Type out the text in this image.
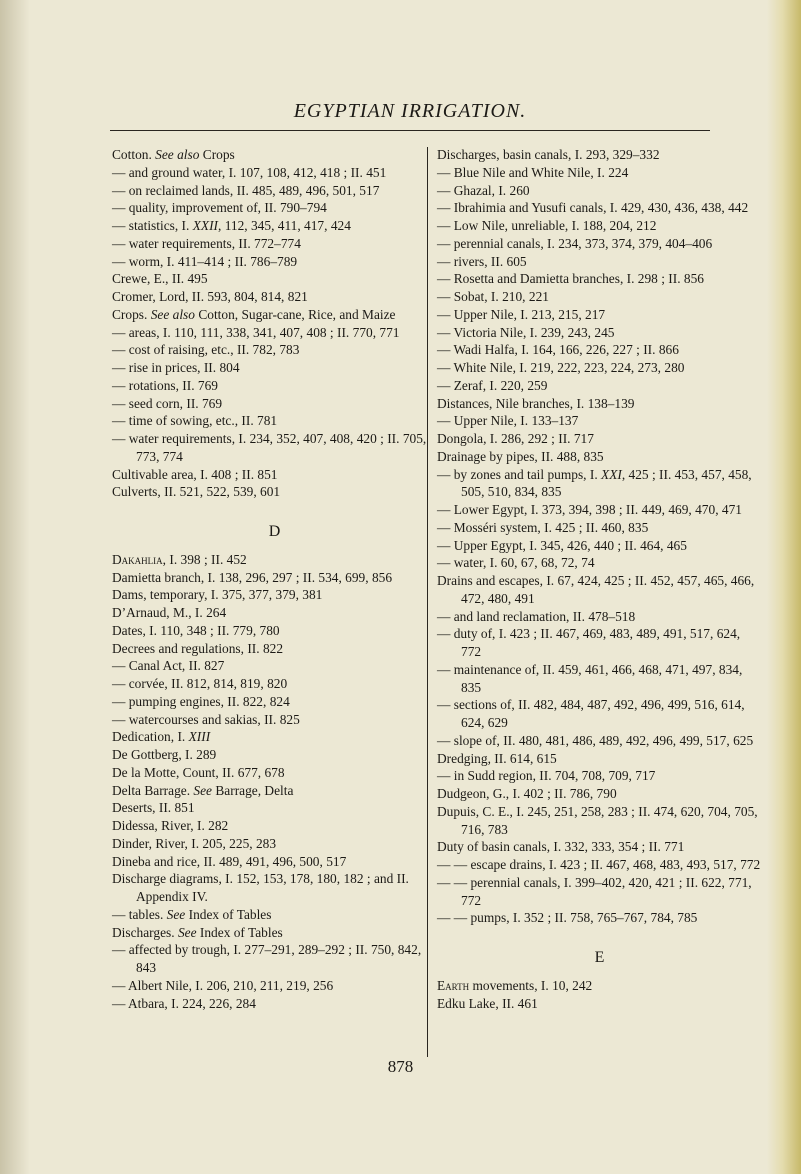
EGYPTIAN IRRIGATION.
Cotton. See also Crops
— and ground water, I. 107, 108, 412, 418 ; II. 451
— on reclaimed lands, II. 485, 489, 496, 501, 517
— quality, improvement of, II. 790–794
— statistics, I. XXII, 112, 345, 411, 417, 424
— water requirements, II. 772–774
— worm, I. 411–414 ; II. 786–789
Crewe, E., II. 495
Cromer, Lord, II. 593, 804, 814, 821
Crops. See also Cotton, Sugar-cane, Rice, and Maize
— areas, I. 110, 111, 338, 341, 407, 408 ; II. 770, 771
— cost of raising, etc., II. 782, 783
— rise in prices, II. 804
— rotations, II. 769
— seed corn, II. 769
— time of sowing, etc., II. 781
— water requirements, I. 234, 352, 407, 408, 420 ; II. 705, 773, 774
Cultivable area, I. 408 ; II. 851
Culverts, II. 521, 522, 539, 601
D
Dakahlia, I. 398 ; II. 452
Damietta branch, I. 138, 296, 297 ; II. 534, 699, 856
Dams, temporary, I. 375, 377, 379, 381
D’Arnaud, M., I. 264
Dates, I. 110, 348 ; II. 779, 780
Decrees and regulations, II. 822
— Canal Act, II. 827
— corvée, II. 812, 814, 819, 820
— pumping engines, II. 822, 824
— watercourses and sakias, II. 825
Dedication, I. XIII
De Gottberg, I. 289
De la Motte, Count, II. 677, 678
Delta Barrage. See Barrage, Delta
Deserts, II. 851
Didessa, River, I. 282
Dinder, River, I. 205, 225, 283
Dineba and rice, II. 489, 491, 496, 500, 517
Discharge diagrams, I. 152, 153, 178, 180, 182 ; and II. Appendix IV.
— tables. See Index of Tables
Discharges. See Index of Tables
— affected by trough, I. 277–291, 289–292 ; II. 750, 842, 843
— Albert Nile, I. 206, 210, 211, 219, 256
— Atbara, I. 224, 226, 284
Discharges, basin canals, I. 293, 329–332
— Blue Nile and White Nile, I. 224
— Ghazal, I. 260
— Ibrahimia and Yusufi canals, I. 429, 430, 436, 438, 442
— Low Nile, unreliable, I. 188, 204, 212
— perennial canals, I. 234, 373, 374, 379, 404–406
— rivers, II. 605
— Rosetta and Damietta branches, I. 298 ; II. 856
— Sobat, I. 210, 221
— Upper Nile, I. 213, 215, 217
— Victoria Nile, I. 239, 243, 245
— Wadi Halfa, I. 164, 166, 226, 227 ; II. 866
— White Nile, I. 219, 222, 223, 224, 273, 280
— Zeraf, I. 220, 259
Distances, Nile branches, I. 138–139
— Upper Nile, I. 133–137
Dongola, I. 286, 292 ; II. 717
Drainage by pipes, II. 488, 835
— by zones and tail pumps, I. XXI, 425 ; II. 453, 457, 458, 505, 510, 834, 835
— Lower Egypt, I. 373, 394, 398 ; II. 449, 469, 470, 471
— Mosséri system, I. 425 ; II. 460, 835
— Upper Egypt, I. 345, 426, 440 ; II. 464, 465
— water, I. 60, 67, 68, 72, 74
Drains and escapes, I. 67, 424, 425 ; II. 452, 457, 465, 466, 472, 480, 491
— and land reclamation, II. 478–518
— duty of, I. 423 ; II. 467, 469, 483, 489, 491, 517, 624, 772
— maintenance of, II. 459, 461, 466, 468, 471, 497, 834, 835
— sections of, II. 482, 484, 487, 492, 496, 499, 516, 614, 624, 629
— slope of, II. 480, 481, 486, 489, 492, 496, 499, 517, 625
Dredging, II. 614, 615
— in Sudd region, II. 704, 708, 709, 717
Dudgeon, G., I. 402 ; II. 786, 790
Dupuis, C. E., I. 245, 251, 258, 283 ; II. 474, 620, 704, 705, 716, 783
Duty of basin canals, I. 332, 333, 354 ; II. 771
— — escape drains, I. 423 ; II. 467, 468, 483, 493, 517, 772
— — perennial canals, I. 399–402, 420, 421 ; II. 622, 771, 772
— — pumps, I. 352 ; II. 758, 765–767, 784, 785
E
Earth movements, I. 10, 242
Edku Lake, II. 461
878
